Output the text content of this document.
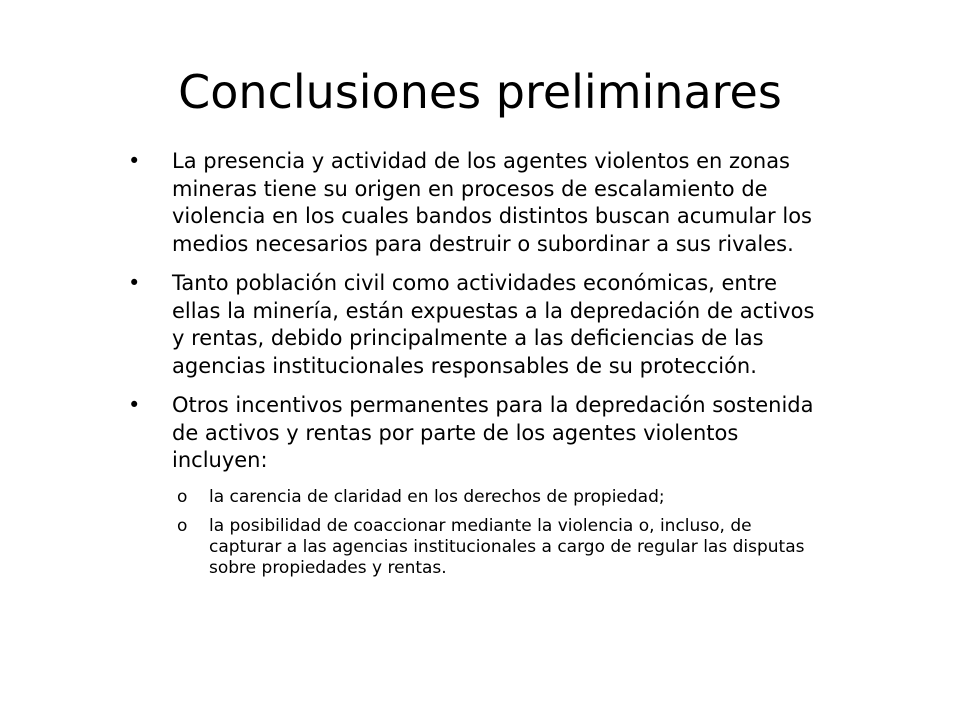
Conclusiones preliminares
• La presencia y actividad de los agentes violentos en zonas mineras tiene su origen en procesos de escalamiento de violencia en los cuales bandos distintos buscan acumular los medios necesarios para destruir o subordinar a sus rivales.
• Tanto población civil como actividades económicas, entre ellas la minería, están expuestas a la depredación de activos y rentas, debido principalmente a las deficiencias de las agencias institucionales responsables de su protección.
• Otros incentivos permanentes para la depredación sostenida de activos y rentas por parte de los agentes violentos incluyen:
o la carencia de claridad en los derechos de propiedad;
o la posibilidad de coaccionar mediante la violencia o, incluso, de capturar a las agencias institucionales a cargo de regular las disputas sobre propiedades y rentas.
